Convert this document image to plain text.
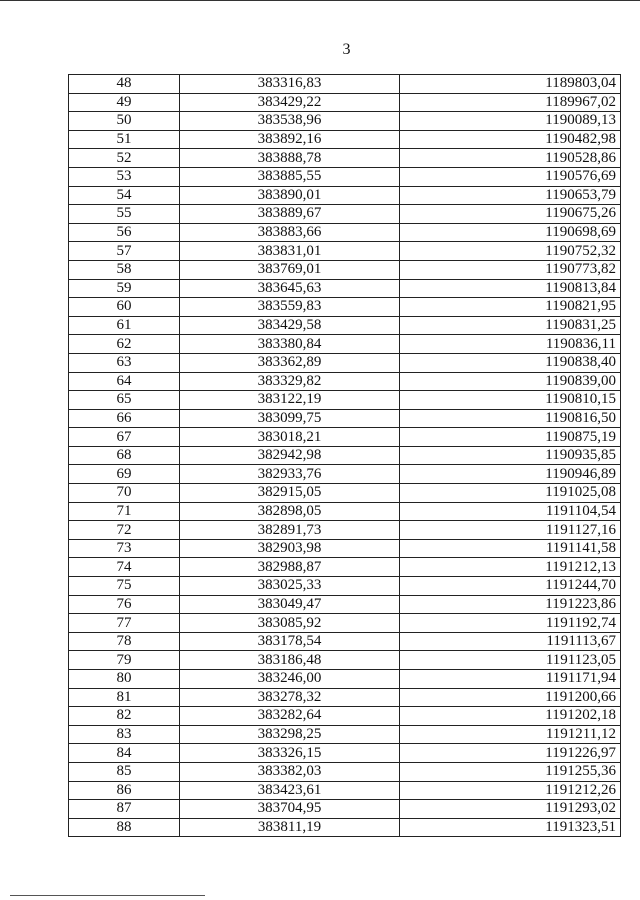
3
48	383316,83	1189803,04
49	383429,22	1189967,02
50	383538,96	1190089,13
51	383892,16	1190482,98
52	383888,78	1190528,86
53	383885,55	1190576,69
54	383890,01	1190653,79
55	383889,67	1190675,26
56	383883,66	1190698,69
57	383831,01	1190752,32
58	383769,01	1190773,82
59	383645,63	1190813,84
60	383559,83	1190821,95
61	383429,58	1190831,25
62	383380,84	1190836,11
63	383362,89	1190838,40
64	383329,82	1190839,00
65	383122,19	1190810,15
66	383099,75	1190816,50
67	383018,21	1190875,19
68	382942,98	1190935,85
69	382933,76	1190946,89
70	382915,05	1191025,08
71	382898,05	1191104,54
72	382891,73	1191127,16
73	382903,98	1191141,58
74	382988,87	1191212,13
75	383025,33	1191244,70
76	383049,47	1191223,86
77	383085,92	1191192,74
78	383178,54	1191113,67
79	383186,48	1191123,05
80	383246,00	1191171,94
81	383278,32	1191200,66
82	383282,64	1191202,18
83	383298,25	1191211,12
84	383326,15	1191226,97
85	383382,03	1191255,36
86	383423,61	1191212,26
87	383704,95	1191293,02
88	383811,19	1191323,51
